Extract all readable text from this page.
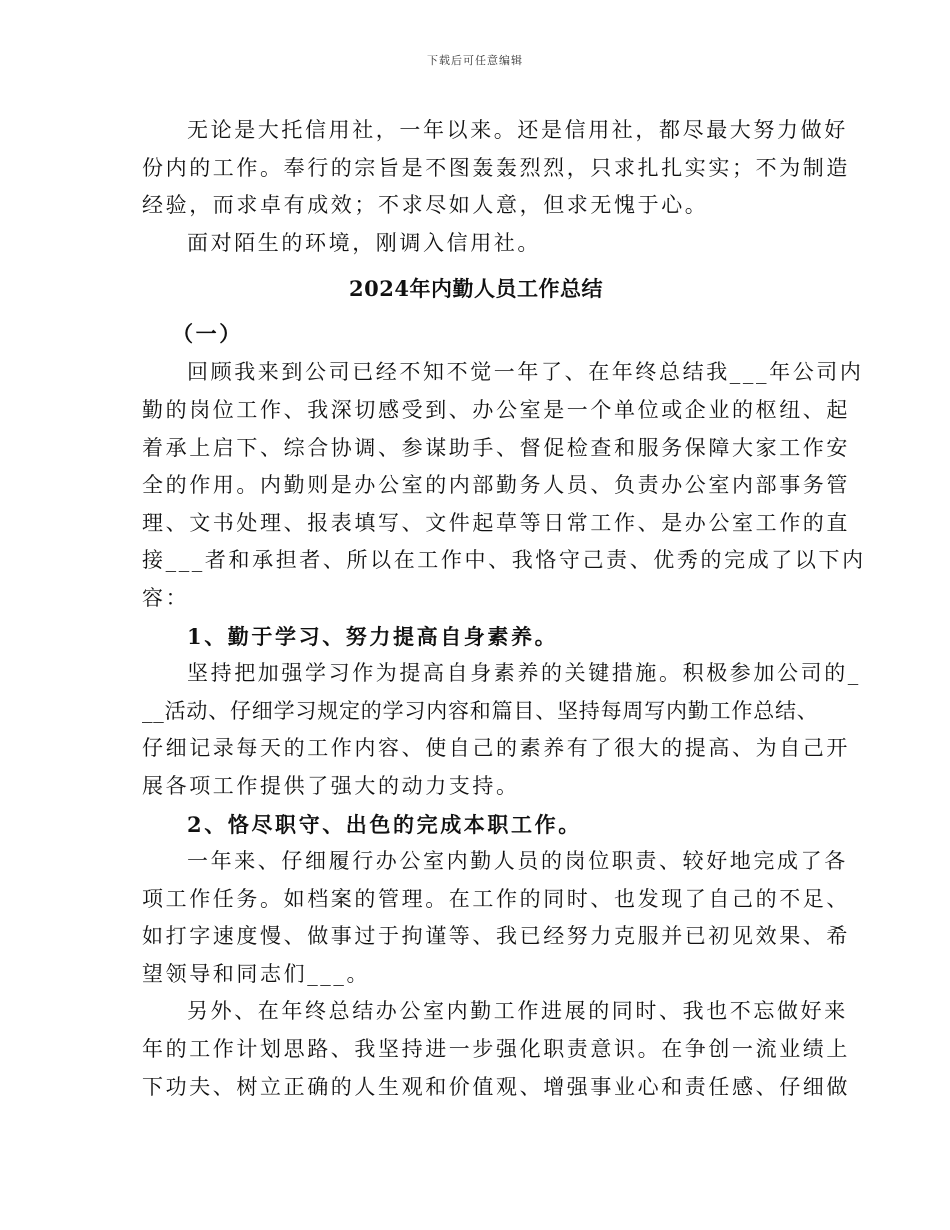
下载后可任意编辑
无论是大托信用社，一年以来。还是信用社，都尽最大努力做好
份内的工作。奉行的宗旨是不图轰轰烈烈，只求扎扎实实；不为制造
经验，而求卓有成效；不求尽如人意，但求无愧于心。
面对陌生的环境，刚调入信用社。
2024年内勤人员工作总结
（一）
回顾我来到公司已经不知不觉一年了、在年终总结我___年公司内
勤的岗位工作、我深切感受到、办公室是一个单位或企业的枢纽、起
着承上启下、综合协调、参谋助手、督促检查和服务保障大家工作安
全的作用。内勤则是办公室的内部勤务人员、负责办公室内部事务管
理、文书处理、报表填写、文件起草等日常工作、是办公室工作的直
接___者和承担者、所以在工作中、我恪守己责、优秀的完成了以下内
容：
1、勤于学习、努力提高自身素养。
坚持把加强学习作为提高自身素养的关键措施。积极参加公司的_
__活动、仔细学习规定的学习内容和篇目、坚持每周写内勤工作总结、
仔细记录每天的工作内容、使自己的素养有了很大的提高、为自己开
展各项工作提供了强大的动力支持。
2、恪尽职守、出色的完成本职工作。
一年来、仔细履行办公室内勤人员的岗位职责、较好地完成了各
项工作任务。如档案的管理。在工作的同时、也发现了自己的不足、
如打字速度慢、做事过于拘谨等、我已经努力克服并已初见效果、希
望领导和同志们___。
另外、在年终总结办公室内勤工作进展的同时、我也不忘做好来
年的工作计划思路、我坚持进一步强化职责意识。在争创一流业绩上
下功夫、树立正确的人生观和价值观、增强事业心和责任感、仔细做
